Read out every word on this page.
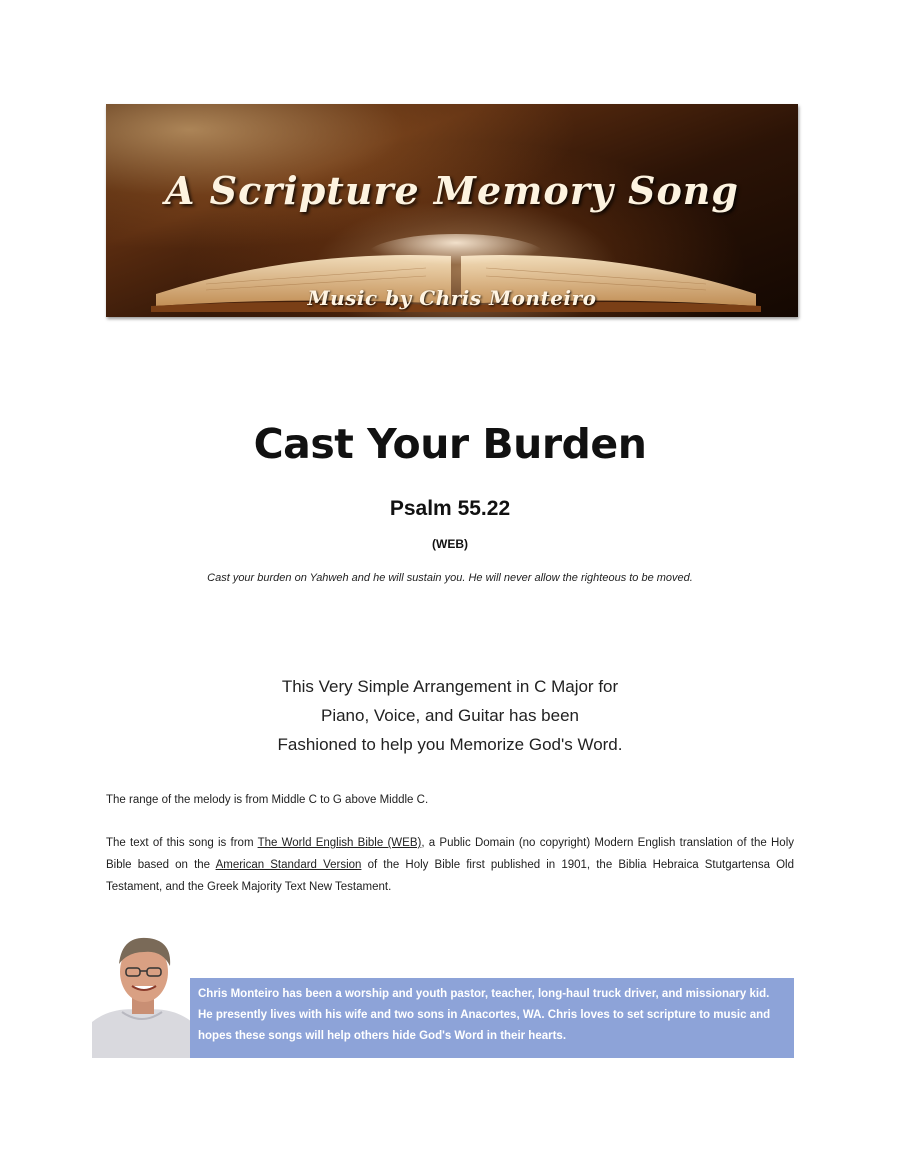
A Scripture Memory Song
Music by Chris Monteiro
Cast Your Burden
Psalm 55.22
(WEB)
Cast your burden on Yahweh and he will sustain you. He will never allow the righteous to be moved.
This Very Simple Arrangement in C Major for
Piano, Voice, and Guitar has been
Fashioned to help you Memorize God's Word.
The range of the melody is from Middle C to G above Middle C.
The text of this song is from The World English Bible (WEB), a Public Domain (no copyright) Modern English translation of the Holy Bible based on the American Standard Version of the Holy Bible first published in 1901, the Biblia Hebraica Stutgartensa Old Testament, and the Greek Majority Text New Testament.
Chris Monteiro has been a worship and youth pastor, teacher, long-haul truck driver, and missionary kid. He presently lives with his wife and two sons in Anacortes, WA. Chris loves to set scripture to music and hopes these songs will help others hide God's Word in their hearts.
